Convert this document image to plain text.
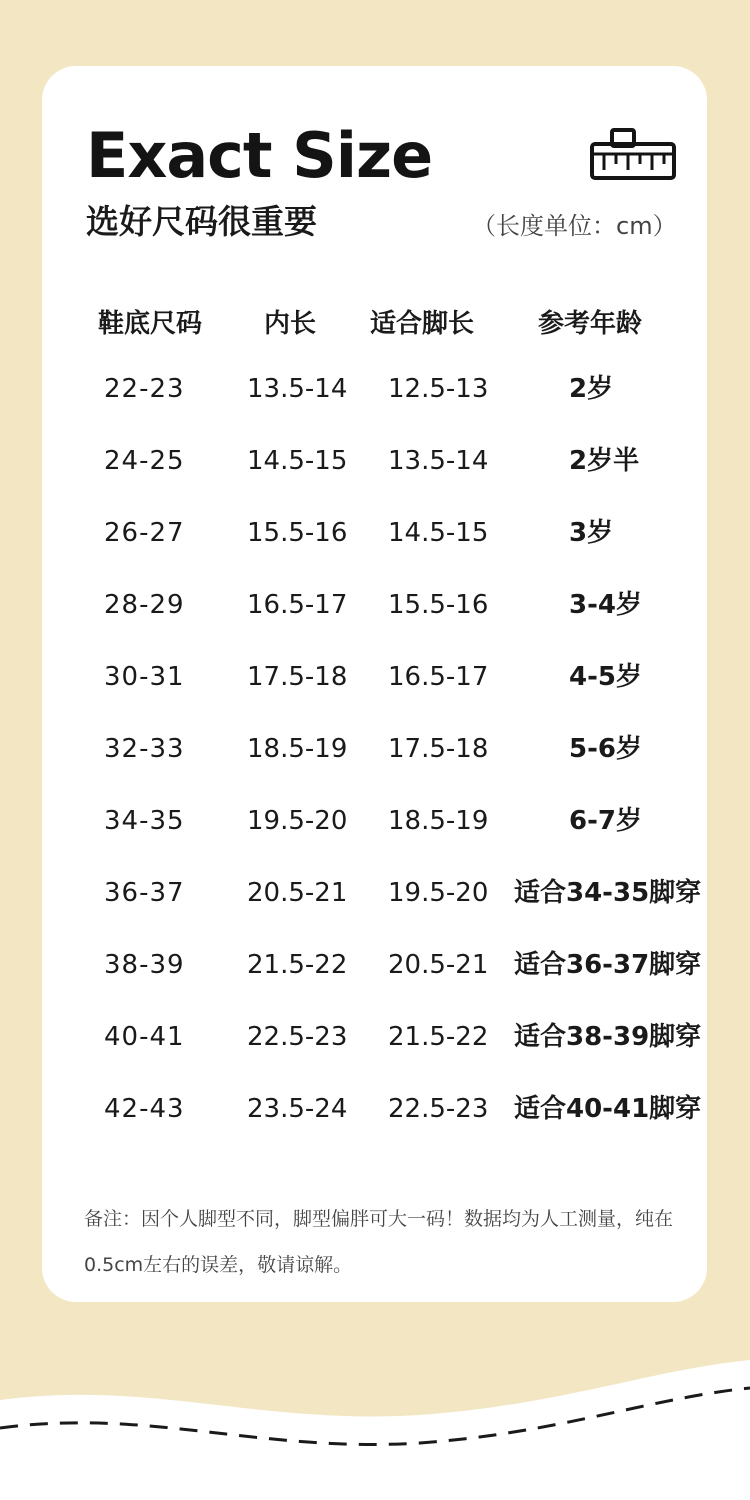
Exact Size
选好尺码很重要	（长度单位：cm）
鞋底尺码 内长 适合脚长 参考年龄
22-23 13.5-14 12.5-13	2岁
24-25 14.5-15 13.5-14	2岁半
26-27 15.5-16 14.5-15	3岁
28-29 16.5-17 15.5-16	3-4岁
30-31 17.5-18 16.5-17	4-5岁
32-33 18.5-19 17.5-18	5-6岁
34-35 19.5-20 18.5-19	6-7岁
36-37 20.5-21 19.5-20 适合34-35脚穿
38-39 21.5-22 20.5-21 适合36-37脚穿
40-41 22.5-23 21.5-22 适合38-39脚穿
42-43 23.5-24 22.5-23 适合40-41脚穿
备注：因个人脚型不同，脚型偏胖可大一码！数据均为人工测量，纯在0.5cm左右的误差，敬请谅解。
